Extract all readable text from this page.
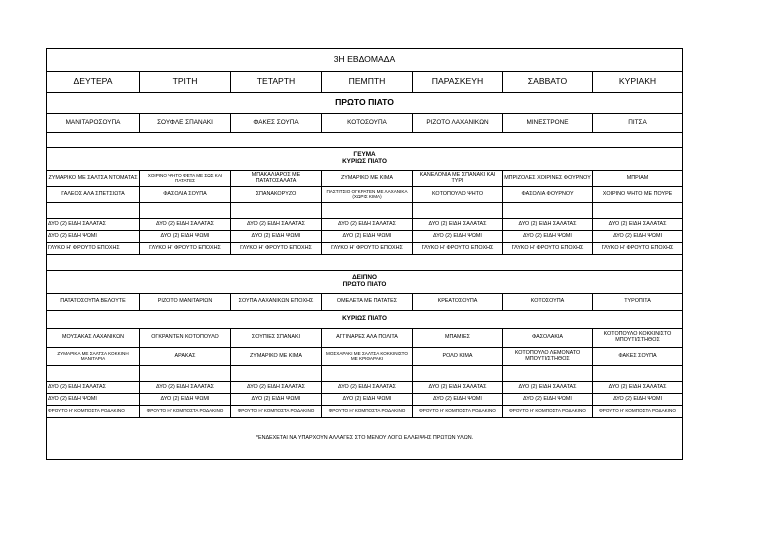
3Η ΕΒΔΟΜΑΔΑ						
ΔΕΥΤΕΡΑ	ΤΡΙΤΗ	ΤΕΤΑΡΤΗ	ΠΕΜΠΤΗ	ΠΑΡΑΣΚΕΥΗ	ΣΑΒΒΑΤΟ	ΚΥΡΙΑΚΗ
ΠΡΩΤΟ ΠΙΑΤΟ						
ΜΑΝΙΤΑΡΟΣΟΥΠΑ	ΣΟΥΦΛΕ ΣΠΑΝΑΚΙ	ΦΑΚΕΣ ΣΟΥΠΑ	ΚΟΤΟΣΟΥΠΑ	ΡΙΖΟΤΟ ΛΑΧΑΝΙΚΩΝ	ΜΙΝΕΣΤΡΟΝΕ	ΠΙΤΣΑ

ΓΕΥΜΑ
ΚΥΡΙΩΣ ΠΙΑΤΟ						

ΖΥΜΑΡΙΚΟ ΜΕ ΣΑΛΤΣΑ ΝΤΟΜΑΤΑΣ	ΧΟΙΡΙΝΟ ΨΗΤΟ ΦΕΤΑ ΜΕ ΣΩΣ ΚΑΙ ΠΑΤΑΤΕΣ	ΜΠΑΚΑΛΙΑΡΟΣ ΜΕ ΠΑΤΑΤΟΣΑΛΑΤΑ	ΖΥΜΑΡΙΚΟ ΜΕ ΚΙΜΑ	ΚΑΝΕΛΟΝΙΑ ΜΕ ΣΠΑΝΑΚΙ ΚΑΙ ΤΥΡΙ	ΜΠΡΙΖΟΛΕΣ ΧΟΙΡΙΝΕΣ ΦΟΥΡΝΟΥ	ΜΠΡΙΑΜ
ΓΑΛΕΟΣ ΑΛΑ ΣΠΕΤΣΙΩΤΑ	ΦΑΣΟΛΙΑ ΣΟΥΠΑ	ΣΠΑΝΑΚΟΡΥΖΟ	ΠΑΣΤΙΤΣΙΟ ΟΓΚΡΑΤΕΝ ΜΕ ΛΑΧΑΝΙΚΑ (ΧΩΡΙΣ ΚΙΜΑ)	ΚΟΤΟΠΟΥΛΟ ΨΗΤΟ	ΦΑΣΟΛΙΑ ΦΟΥΡΝΟΥ	ΧΟΙΡΙΝΟ ΨΗΤΟ ΜΕ ΠΟΥΡΕ

ΔΥΟ (2) ΕΙΔΗ ΣΑΛΑΤΑΣ	ΔΥΟ (2) ΕΙΔΗ ΣΑΛΑΤΑΣ	ΔΥΟ (2) ΕΙΔΗ ΣΑΛΑΤΑΣ	ΔΥΟ (2) ΕΙΔΗ ΣΑΛΑΤΑΣ	ΔΥΟ (2) ΕΙΔΗ ΣΑΛΑΤΑΣ	ΔΥΟ (2) ΕΙΔΗ ΣΑΛΑΤΑΣ	ΔΥΟ (2) ΕΙΔΗ ΣΑΛΑΤΑΣ
ΔΥΟ (2) ΕΙΔΗ ΨΩΜΙ	ΔΥΟ (2) ΕΙΔΗ ΨΩΜΙ	ΔΥΟ (2) ΕΙΔΗ ΨΩΜΙ	ΔΥΟ (2) ΕΙΔΗ ΨΩΜΙ	ΔΥΟ (2) ΕΙΔΗ ΨΩΜΙ	ΔΥΟ (2) ΕΙΔΗ ΨΩΜΙ	ΔΥΟ (2) ΕΙΔΗ ΨΩΜΙ
ΓΛΥΚΟ Η' ΦΡΟΥΤΟ ΕΠΟΧΗΣ	ΓΛΥΚΟ Η' ΦΡΟΥΤΟ ΕΠΟΧΗΣ	ΓΛΥΚΟ Η' ΦΡΟΥΤΟ ΕΠΟΧΗΣ	ΓΛΥΚΟ Η' ΦΡΟΥΤΟ ΕΠΟΧΗΣ	ΓΛΥΚΟ Η' ΦΡΟΥΤΟ ΕΠΟΧΗΣ	ΓΛΥΚΟ Η' ΦΡΟΥΤΟ ΕΠΟΧΗΣ	ΓΛΥΚΟ Η' ΦΡΟΥΤΟ ΕΠΟΧΗΣ

ΔΕΙΠΝΟ
ΠΡΩΤΟ ΠΙΑΤΟ						

ΠΑΤΑΤΟΣΟΥΠΑ ΒΕΛΟΥΤΕ	ΡΙΖΟΤΟ ΜΑΝΙΤΑΡΙΩΝ	ΣΟΥΠΑ ΛΑΧΑΝΙΚΩΝ ΕΠΟΧΗΣ	ΟΜΕΛΕΤΑ ΜΕ ΠΑΤΑΤΕΣ	ΚΡΕΑΤΟΣΟΥΠΑ	ΚΟΤΟΣΟΥΠΑ	ΤΥΡΟΠΙΤΑ
ΚΥΡΙΩΣ ΠΙΑΤΟ						
ΜΟΥΣΑΚΑΣ ΛΑΧΑΝΙΚΩΝ	ΟΓΚΡΑΝΤΕΝ ΚΟΤΟΠΟΥΛΟ	ΣΟΥΠΙΕΣ ΣΠΑΝΑΚΙ	ΑΓΓΙΝΑΡΕΣ ΑΛΑ ΠΟΛΙΤΑ	ΜΠΑΜΙΕΣ	ΦΑΣΟΛΑΚΙΑ	ΚΟΤΟΠΟΥΛΟ ΚΟΚΚΙΝΙΣΤΟ ΜΠΟΥΤΙ/ΣΤΗΘΟΣ
ΖΥΜΑΡΙΚΑ ΜΕ ΣΑΛΤΣΑ ΚΟΚΚΙΝΗ ΜΑΝΙΤΑΡΙΑ	ΑΡΑΚΑΣ	ΖΥΜΑΡΙΚΟ ΜΕ ΚΙΜΑ	ΜΟΣΧΑΡΑΚΙ ΜΕ ΣΑΛΤΣΑ ΚΟΚΚΙΝΙΣΤΟ ΜΕ ΚΡΙΘΑΡΑΚΙ	ΡΟΛΟ ΚΙΜΑ	ΚΟΤΟΠΟΥΛΟ ΛΕΜΟΝΑΤΟ ΜΠΟΥΤΙ/ΣΤΗΘΟΣ	ΦΑΚΕΣ ΣΟΥΠΑ

ΔΥΟ (2) ΕΙΔΗ ΣΑΛΑΤΑΣ	ΔΥΟ (2) ΕΙΔΗ ΣΑΛΑΤΑΣ	ΔΥΟ (2) ΕΙΔΗ ΣΑΛΑΤΑΣ	ΔΥΟ (2) ΕΙΔΗ ΣΑΛΑΤΑΣ	ΔΥΟ (2) ΕΙΔΗ ΣΑΛΑΤΑΣ	ΔΥΟ (2) ΕΙΔΗ ΣΑΛΑΤΑΣ	ΔΥΟ (2) ΕΙΔΗ ΣΑΛΑΤΑΣ
ΔΥΟ (2) ΕΙΔΗ ΨΩΜΙ	ΔΥΟ (2) ΕΙΔΗ ΨΩΜΙ	ΔΥΟ (2) ΕΙΔΗ ΨΩΜΙ	ΔΥΟ (2) ΕΙΔΗ ΨΩΜΙ	ΔΥΟ (2) ΕΙΔΗ ΨΩΜΙ	ΔΥΟ (2) ΕΙΔΗ ΨΩΜΙ	ΔΥΟ (2) ΕΙΔΗ ΨΩΜΙ
ΦΡΟΥΤΟ Η' ΚΟΜΠΟΣΤΑ ΡΟΔΑΚΙΝΟ	ΦΡΟΥΤΟ Η' ΚΟΜΠΟΣΤΑ ΡΟΔΑΚΙΝΟ	ΦΡΟΥΤΟ Η' ΚΟΜΠΟΣΤΑ ΡΟΔΑΚΙΝΟ	ΦΡΟΥΤΟ Η' ΚΟΜΠΟΣΤΑ ΡΟΔΑΚΙΝΟ	ΦΡΟΥΤΟ Η' ΚΟΜΠΟΣΤΑ ΡΟΔΑΚΙΝΟ	ΦΡΟΥΤΟ Η' ΚΟΜΠΟΣΤΑ ΡΟΔΑΚΙΝΟ	ΦΡΟΥΤΟ Η' ΚΟΜΠΟΣΤΑ ΡΟΔΑΚΙΝΟ
*ΕΝΔΕΧΕΤΑΙ ΝΑ ΥΠΑΡΧΟΥΝ ΑΛΛΑΓΕΣ ΣΤΟ ΜΕΝΟΥ ΛΟΓΩ ΕΛΛΕΙΨΗΣ ΠΡΩΤΩΝ ΥΛΩΝ.						
